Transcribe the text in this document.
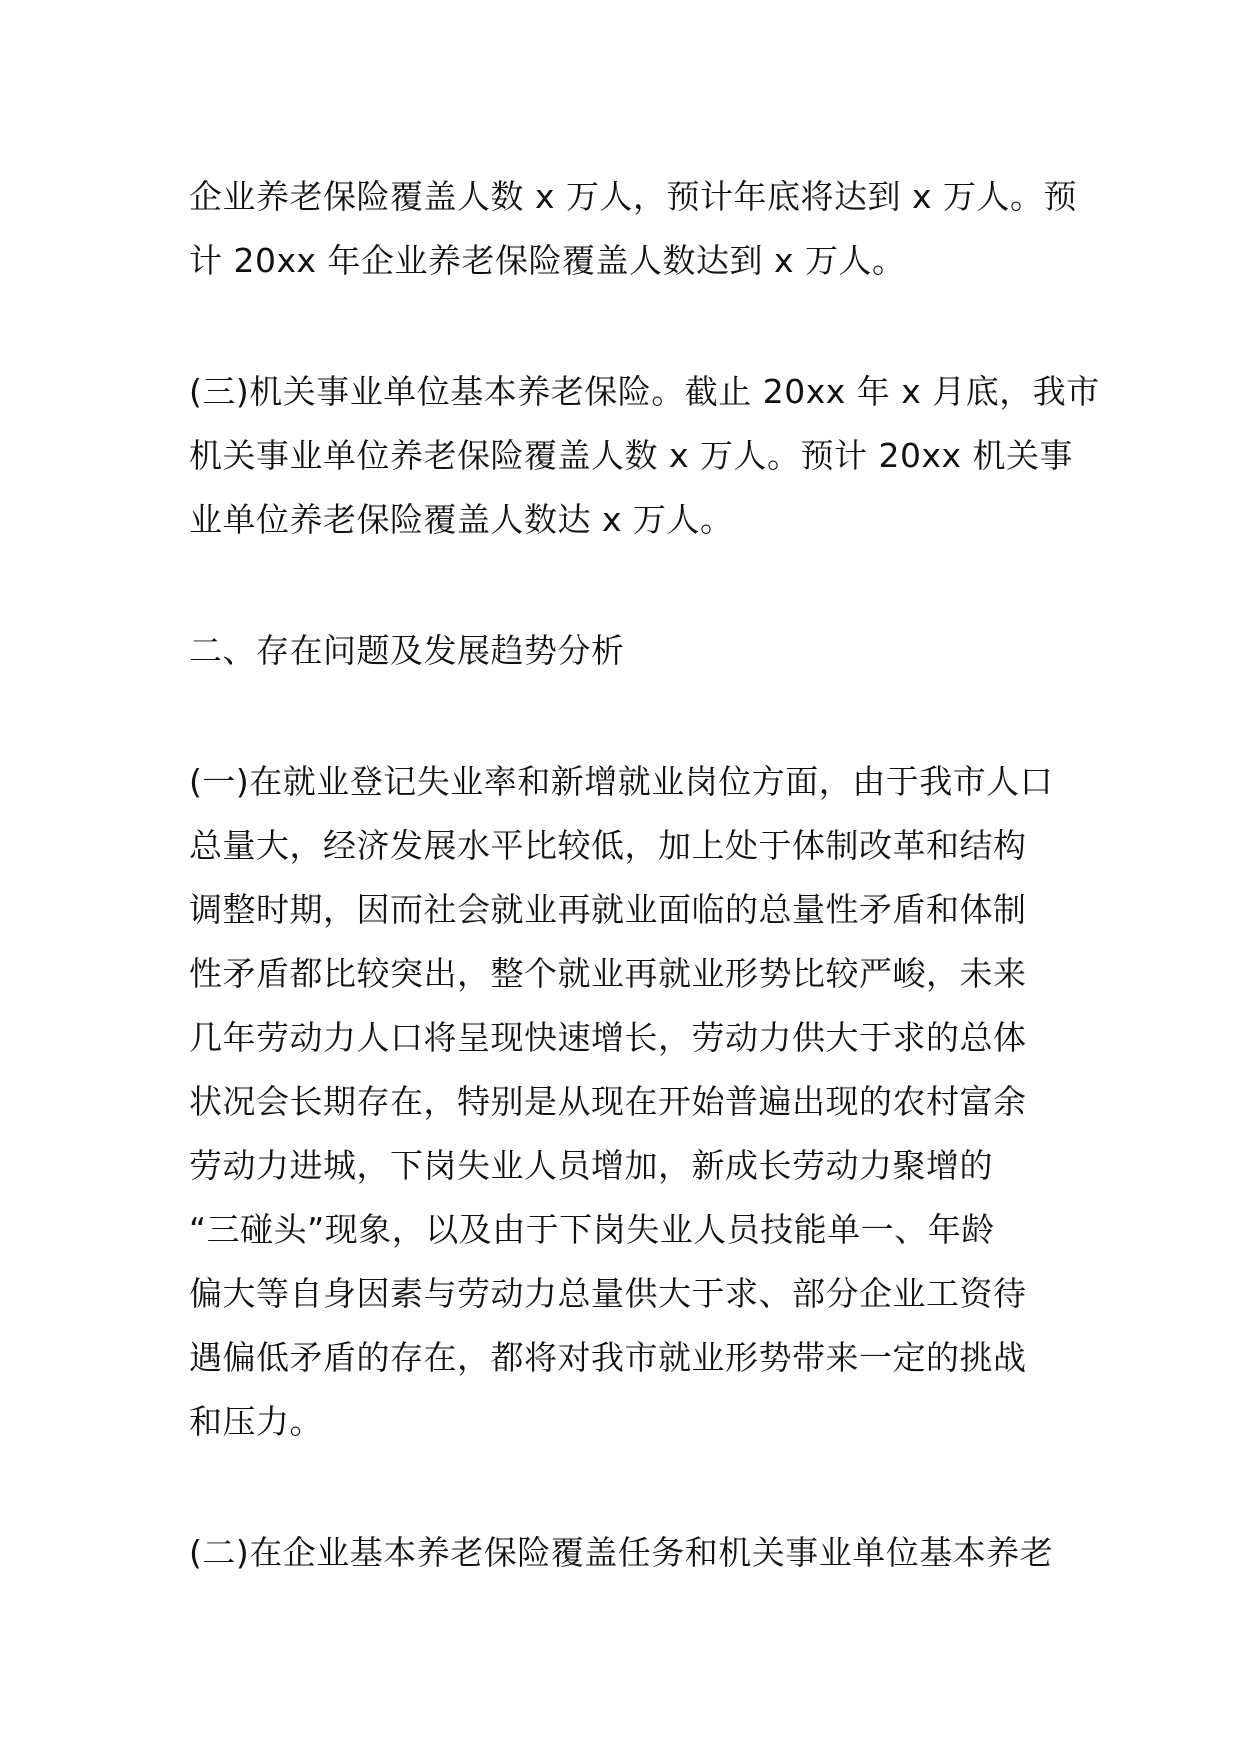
企业养老保险覆盖人数 x 万人，预计年底将达到 x 万人。预

计 20xx 年企业养老保险覆盖人数达到 x 万人。

(三)机关事业单位基本养老保险。截止 20xx 年 x 月底，我市

机关事业单位养老保险覆盖人数 x 万人。预计 20xx 机关事

业单位养老保险覆盖人数达 x 万人。

二、存在问题及发展趋势分析

(一)在就业登记失业率和新增就业岗位方面，由于我市人口

总量大，经济发展水平比较低，加上处于体制改革和结构

调整时期，因而社会就业再就业面临的总量性矛盾和体制

性矛盾都比较突出，整个就业再就业形势比较严峻，未来

几年劳动力人口将呈现快速增长，劳动力供大于求的总体

状况会长期存在，特别是从现在开始普遍出现的农村富余

劳动力进城，下岗失业人员增加，新成长劳动力聚增的

“三碰头”现象，以及由于下岗失业人员技能单一、年龄

偏大等自身因素与劳动力总量供大于求、部分企业工资待

遇偏低矛盾的存在，都将对我市就业形势带来一定的挑战

和压力。

(二)在企业基本养老保险覆盖任务和机关事业单位基本养老
